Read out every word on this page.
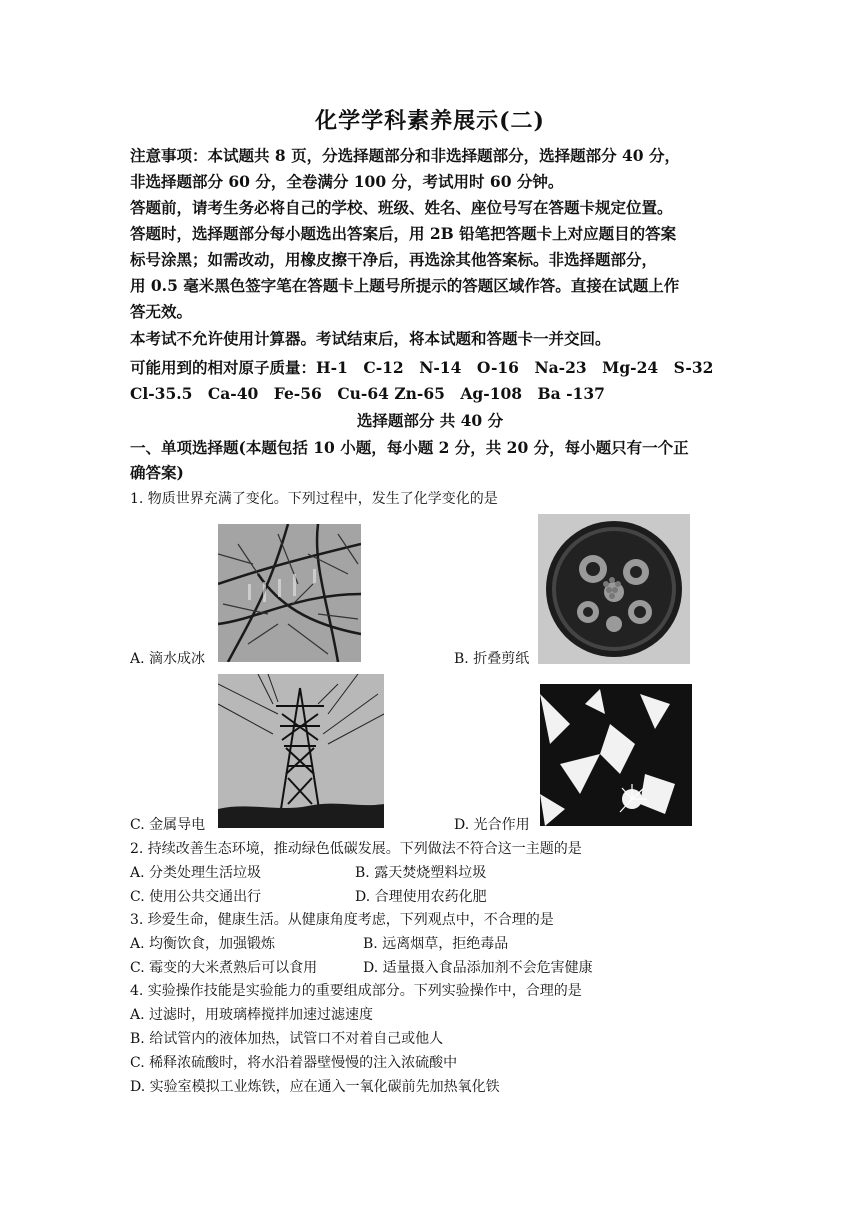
化学学科素养展示(二)
注意事项：本试题共 8 页，分选择题部分和非选择题部分，选择题部分 40 分，
非选择题部分 60 分，全卷满分 100 分，考试用时 60 分钟。
答题前，请考生务必将自己的学校、班级、姓名、座位号写在答题卡规定位置。
答题时，选择题部分每小题选出答案后，用 2B 铅笔把答题卡上对应题目的答案
标号涂黑；如需改动，用橡皮擦干净后，再选涂其他答案标。非选择题部分，
用 0.5 毫米黑色签字笔在答题卡上题号所提示的答题区域作答。直接在试题上作
答无效。
本考试不允许使用计算器。考试结束后，将本试题和答题卡一并交回。
可能用到的相对原子质量：H-1　C-12　N-14　O-16　Na-23　Mg-24　S-32
Cl-35.5　Ca-40　Fe-56　Cu-64 Zn-65　Ag-108　Ba -137
选择题部分 共 40 分
一、单项选择题(本题包括 10 小题，每小题 2 分，共 20 分，每小题只有一个正
确答案)
1. 物质世界充满了变化。下列过程中，发生了化学变化的是
A. 滴水成冰	B. 折叠剪纸
C. 金属导电	D. 光合作用
2. 持续改善生态环境，推动绿色低碳发展。下列做法不符合这一主题的是
A. 分类处理生活垃圾	B. 露天焚烧塑料垃圾
C. 使用公共交通出行	D. 合理使用农药化肥
3. 珍爱生命，健康生活。从健康角度考虑，下列观点中，不合理的是
A. 均衡饮食，加强锻炼	B. 远离烟草，拒绝毒品
C. 霉变的大米煮熟后可以食用	D. 适量摄入食品添加剂不会危害健康
4. 实验操作技能是实验能力的重要组成部分。下列实验操作中，合理的是
A. 过滤时，用玻璃棒搅拌加速过滤速度
B. 给试管内的液体加热，试管口不对着自己或他人
C. 稀释浓硫酸时，将水沿着器壁慢慢的注入浓硫酸中
D. 实验室模拟工业炼铁，应在通入一氧化碳前先加热氧化铁
